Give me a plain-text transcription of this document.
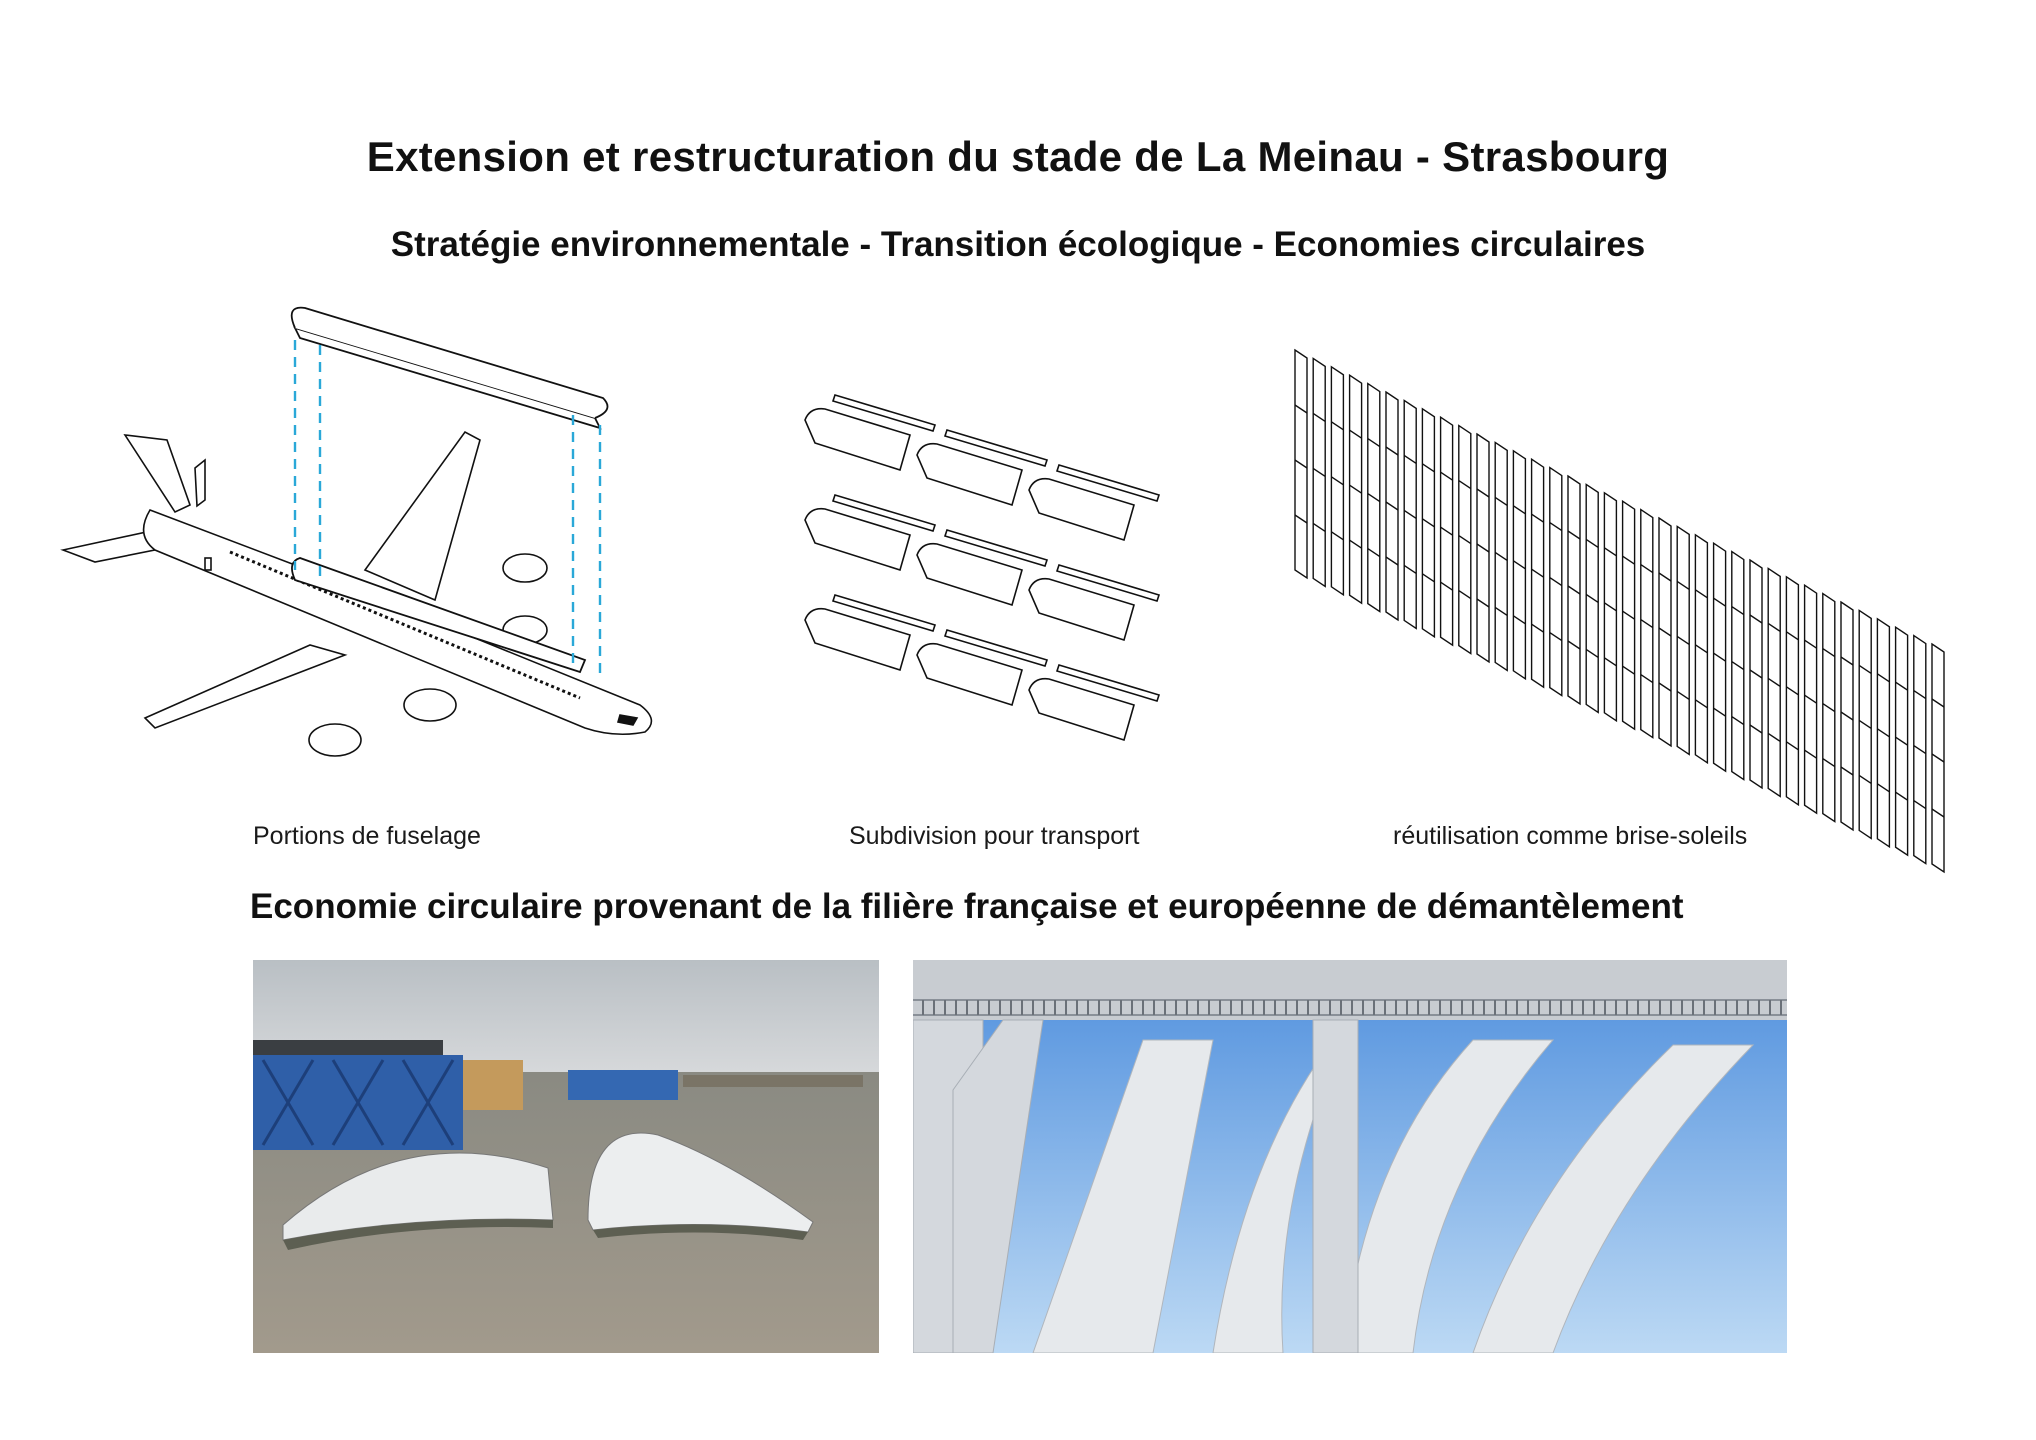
Extension et restructuration du stade de La Meinau - Strasbourg
Stratégie environnementale - Transition écologique - Economies circulaires
Portions de fuselage	Subdivision pour transport	réutilisation comme brise-soleils
Economie circulaire provenant de la filière française et européenne de démantèlement
